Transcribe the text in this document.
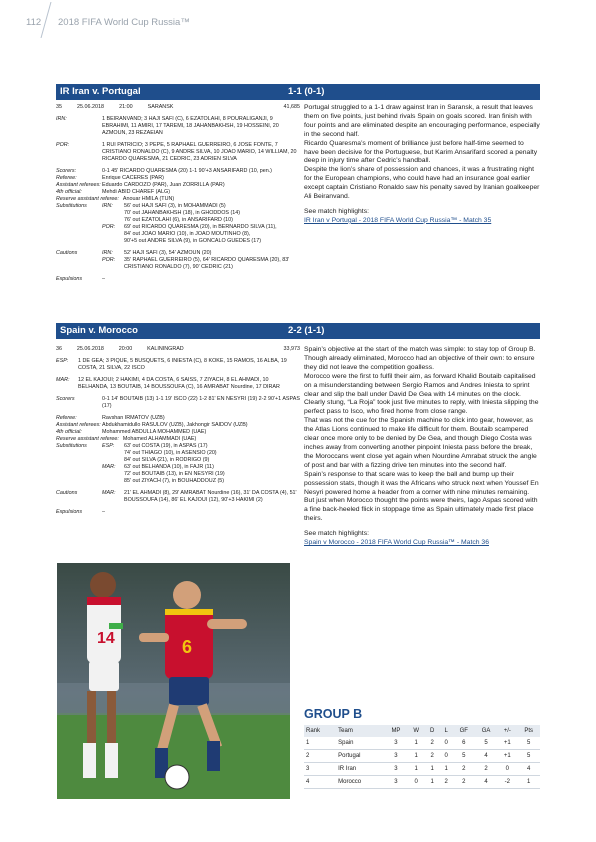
112 2018 FIFA World Cup Russia™
IR Iran v. Portugal	1-1 (0-1)
35	25.06.2018	21:00	SARANSK	41,685
IRN:	1 BEIRANVAND; 3 HAJI SAFI (C), 6 EZATOLAHI, 8 POURALIGANJI, 9 EBRAHIMI, 11 AMIRI, 17 TAREMI, 18 JAHANBAKHSH, 19 HOSSEINI, 20 AZMOUN, 23 REZAEIAN
POR:	1 RUI PATRICIO; 3 PEPE, 5 RAPHAEL GUERREIRO, 6 JOSE FONTE, 7 CRISTIANO RONALDO (C), 9 ANDRE SILVA, 10 JOAO MARIO, 14 WILLIAM, 20 RICARDO QUARESMA, 21 CEDRIC, 23 ADRIEN SILVA
Scorers:	0-1 45' RICARDO QUARESMA (20) 1-1 90'+3 ANSARIFARD (10, pen.)
Referee:	Enrique CACERES (PAR)
Assistant referees: Eduardo CARDOZO (PAR), Juan ZORRILLA (PAR)
4th official:	Mehdi ABID CHAREF (ALG)
Reserve assistant referee: Anouar HMILA (TUN)
Substitutions	IRN:	56' out HAJI SAFI (3), in MOHAMMADI (5)
70' out JAHANBAKHSH (18), in GHODDOS (14)
76' out EZATOLAHI (6), in ANSARIFARD (10)
POR:	69' out RICARDO QUARESMA (20), in BERNARDO SILVA (11),
84' out JOAO MARIO (10), in JOAO MOUTINHO (8),
90'+5 out ANDRE SILVA (9), in GONCALO GUEDES (17)
Cautions	IRN:	52' HAJI SAFI (3), 54' AZMOUN (20)
POR:	35' RAPHAEL GUERREIRO (5), 64' RICARDO QUARESMA (20), 83' CRISTIANO RONALDO (7), 90' CEDRIC (21)
Expulsions	–

Portugal struggled to a 1-1 draw against Iran in Saransk, a result that leaves them on five points, just behind rivals Spain on goals scored. Iran finish with four points and are eliminated despite an encouraging performance, especially in the second half.

Ricardo Quaresma’s moment of brilliance just before half-time seemed to have been decisive for the Portuguese, but Karim Ansarifard scored a penalty deep in injury time after Cedric’s handball.

Despite the lion’s share of possession and chances, it was a frustrating night for the European champions, who could have had an insurance goal earlier except captain Cristiano Ronaldo saw his penalty saved by Iranian goalkeeper Ali Beiranvand.

See match highlights:

IR Iran v Portugal - 2018 FIFA World Cup Russia™ - Match 35
Spain v. Morocco	2-2 (1-1)
36	25.06.2018	20:00	KALININGRAD	33,973
ESP:	1 DE GEA; 3 PIQUE, 5 BUSQUETS, 6 INIESTA (C), 8 KOKE, 15 RAMOS, 16 ALBA, 19 COSTA, 21 SILVA, 22 ISCO
MAR:	12 EL KAJOUI; 2 HAKIMI, 4 DA COSTA, 6 SAISS, 7 ZIYACH, 8 EL AHMADI, 10 BELHANDA, 13 BOUTAIB, 14 BOUSSOUFA (C), 16 AMRABAT Nourdine, 17 DIRAR
Scorers	0-1 14' BOUTAIB (13) 1-1 19' ISCO (22) 1-2 81' EN NESYRI (19) 2-2 90'+1 ASPAS (17)
Referee:	Ravshan IRMATOV (UZB)
Assistant referees: Abdukhamidullo RASULOV (UZB), Jakhongir SAIDOV (UZB)
4th official:	Mohammed ABDULLA MOHAMMED (UAE)
Reserve assistant referee: Mohamed ALHAMMADI (UAE)
Substitutions	ESP:	63' out COSTA (19), in ASPAS (17)
74' out THIAGO (10), in ASENSIO (20)
84' out SILVA (21), in RODRIGO (9)
MAR:	63' out BELHANDA (10), in FAJR (11)
72' out BOUTAIB (13), in EN NESYRI (19)
85' out ZIYACH (7), in BOUHADDOUZ (5)
Cautions	MAR:	21' EL AHMADI (8), 29' AMRABAT Nourdine (16), 31' DA COSTA (4), 51' BOUSSOUFA (14), 86' EL KAJOUI (12), 90'+3 HAKIMI (2)
Expulsions	–

Spain’s objective at the start of the match was simple: to stay top of Group B. Though already eliminated, Morocco had an objective of their own: to ensure they did not leave the competition goalless.

Morocco were the first to fulfil their aim, as forward Khalid Boutaib capitalised on a misunderstanding between Sergio Ramos and Andres Iniesta to sprint clear and slip the ball under David De Gea with 14 minutes on the clock. Clearly stung, “La Roja” took just five minutes to reply, with Iniesta slipping the perfect pass to Isco, who fired home from close range.

That was not the cue for the Spanish machine to click into gear, however, as the Atlas Lions continued to make life difficult for them. Boutaib scampered clear once more only to be denied by De Gea, and though Diego Costa was inches away from converting another pinpoint Iniesta pass before the break, the Moroccans went close yet again when Nourdine Amrabat struck the angle of post and bar with a fizzing drive ten minutes into the second half.

Spain’s response to that scare was to keep the ball and bump up their possession stats, though it was the Africans who struck next when Youssef En Nesyri powered home a header from a corner with nine minutes remaining. But just when Morocco thought the points were theirs, Iago Aspas scored with a fine back-heeled flick in stoppage time as Spain ultimately made first place theirs.

See match highlights:

Spain v Morocco - 2018 FIFA World Cup Russia™ - Match 36
14	6
GROUP B
Rank	Team	MP	W	D	L	GF	GA	+/-	Pts
1	Spain	3	1	2	0	6	5	+1	5
2	Portugal	3	1	2	0	5	4	+1	5
3	IR Iran	3	1	1	1	2	2	0	4
4	Morocco	3	0	1	2	2	4	-2	1
